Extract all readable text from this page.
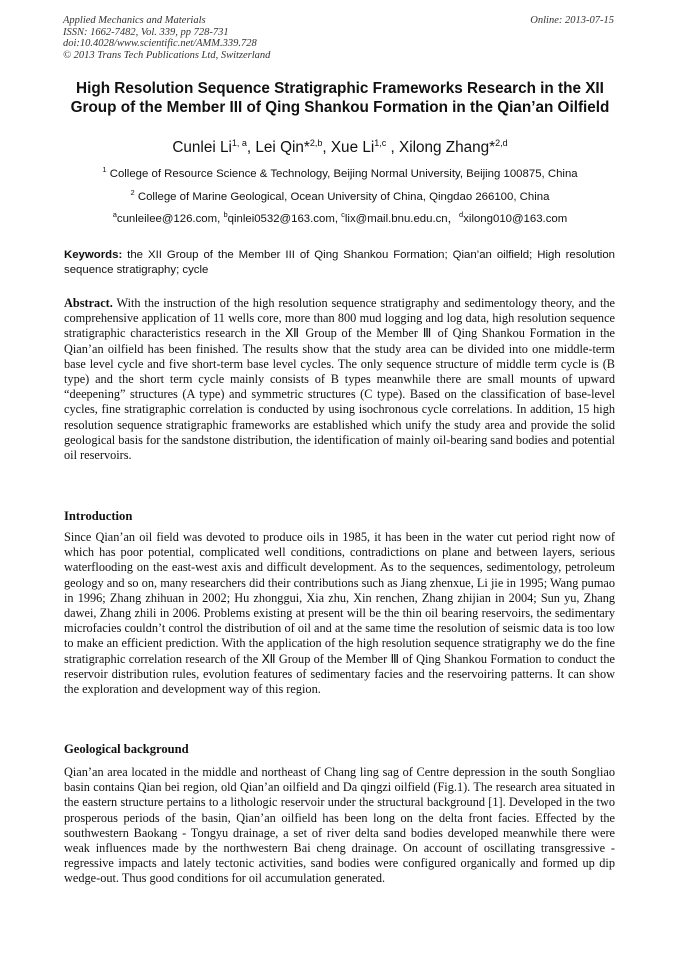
Applied Mechanics and Materials
ISSN: 1662-7482, Vol. 339, pp 728-731
doi:10.4028/www.scientific.net/AMM.339.728
© 2013 Trans Tech Publications Ltd, Switzerland
Online: 2013-07-15
High Resolution Sequence Stratigraphic Frameworks Research in the XII Group of the Member III of Qing Shankou Formation in the Qian’an Oilfield
Cunlei Li$^{1, a}$, Lei Qin*$^{2,b}$, Xue Li$^{1,c}$ , Xilong Zhang*$^{2,d}$
$^1$ College of Resource Science & Technology, Beijing Normal University, Beijing 100875, China
$^2$ College of Marine Geological, Ocean University of China, Qingdao 266100, China
$^a$cunleilee@126.com, $^b$qinlei0532@163.com, $^c$lix@mail.bnu.edu.cn，$^d$xilong010@163.com
Keywords: the XII Group of the Member III of Qing Shankou Formation; Qian’an oilfield; High resolution sequence stratigraphy; cycle
Abstract. With the instruction of the high resolution sequence stratigraphy and sedimentology theory, and the comprehensive application of 11 wells core, more than 800 mud logging and log data, high resolution sequence stratigraphic characteristics research in the Ⅻ Group of the Member Ⅲ of Qing Shankou Formation in the Qian’an oilfield has been finished. The results show that the study area can be divided into one middle-term base level cycle and five short-term base level cycles. The only sequence structure of middle term cycle is (B type) and the short term cycle mainly consists of B types meanwhile there are small mounts of upward “deepening” structures (A type) and symmetric structures (C type). Based on the classification of base-level cycles, fine stratigraphic correlation is conducted by using isochronous cycle correlations. In addition, 15 high resolution sequence stratigraphic frameworks are established which unify the study area and provide the solid geological basis for the sandstone distribution, the identification of mainly oil-bearing sand bodies and potential oil reservoirs.
Introduction
Since Qian’an oil field was devoted to produce oils in 1985, it has been in the water cut period right now of which has poor potential, complicated well conditions, contradictions on plane and between layers, serious waterflooding on the east-west axis and difficult development. As to the sequences, sedimentology, petroleum geology and so on, many researchers did their contributions such as Jiang zhenxue, Li jie in 1995; Wang pumao in 1996; Zhang zhihuan in 2002; Hu zhonggui, Xia zhu, Xin renchen, Zhang zhijian in 2004; Sun yu, Zhang dawei, Zhang zhili in 2006. Problems existing at present will be the thin oil bearing reservoirs, the sedimentary microfacies couldn’t control the distribution of oil and at the same time the resolution of seismic data is too low to make an efficient prediction. With the application of the high resolution sequence stratigraphy we do the fine stratigraphic correlation research of the Ⅻ Group of the Member Ⅲ of Qing Shankou Formation to conduct the reservoir distribution rules, evolution features of sedimentary facies and the reservoiring patterns. It can show the exploration and development way of this region.
Geological background
Qian’an area located in the middle and northeast of Chang ling sag of Centre depression in the south Songliao basin contains Qian bei region, old Qian’an oilfield and Da qingzi oilfield (Fig.1). The research area situated in the eastern structure pertains to a lithologic reservoir under the structural background [1]. Developed in the two prosperous periods of the basin, Qian’an oilfield has been long on the delta front facies. Effected by the southwestern Baokang - Tongyu drainage, a set of river delta sand bodies developed meanwhile there were weak influences made by the northwestern Bai cheng drainage. On account of oscillating transgressive - regressive impacts and lately tectonic activities, sand bodies were configured organically and formed up dip wedge-out. Thus good conditions for oil accumulation generated.
